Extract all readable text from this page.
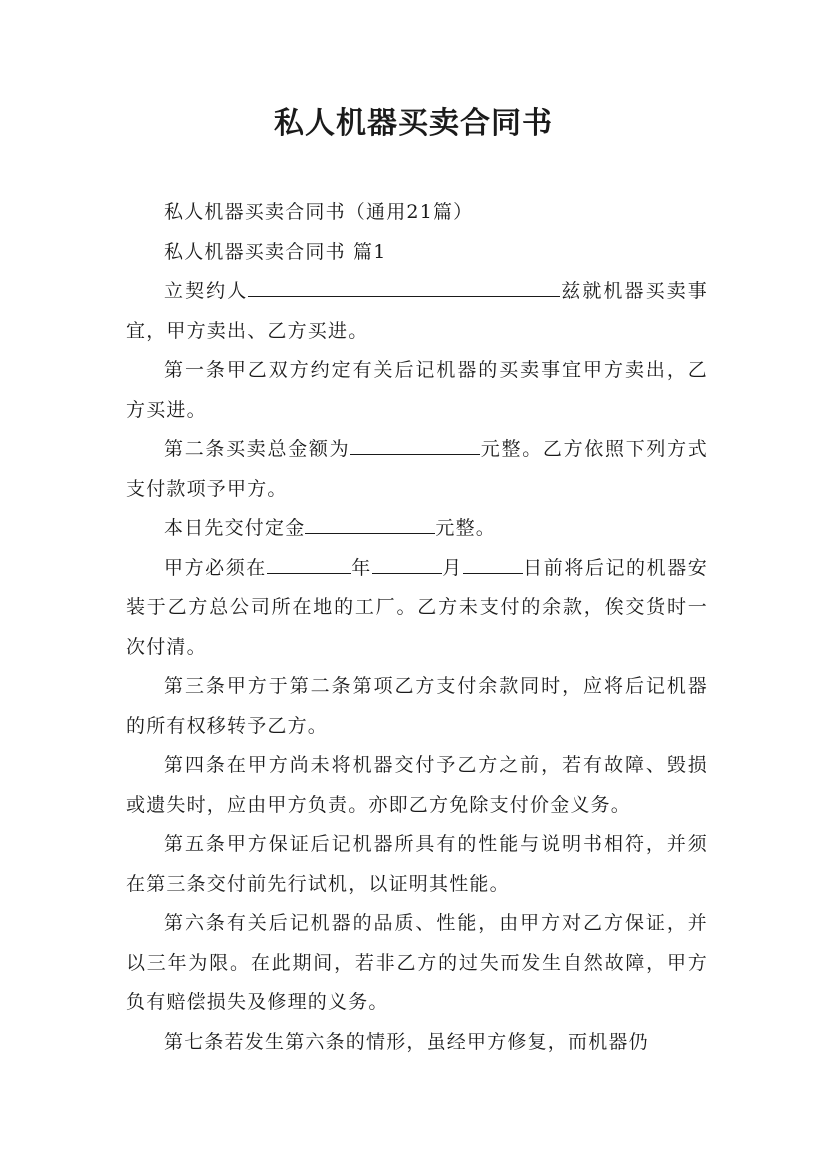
私人机器买卖合同书

私人机器买卖合同书（通用21篇）

私人机器买卖合同书 篇1

立契约人	兹就机器买卖事宜，甲方卖出、乙方买进。

第一条甲乙双方约定有关后记机器的买卖事宜甲方卖出，乙方买进。

第二条买卖总金额为	元整。乙方依照下列方式支付款项予甲方。

本日先交付定金	元整。

甲方必须在	年	月	日前将后记的机器安装于乙方总公司所在地的工厂。乙方未支付的余款，俟交货时一次付清。

第三条甲方于第二条第项乙方支付余款同时，应将后记机器的所有权移转予乙方。

第四条在甲方尚未将机器交付予乙方之前，若有故障、毁损或遗失时，应由甲方负责。亦即乙方免除支付价金义务。

第五条甲方保证后记机器所具有的性能与说明书相符，并须在第三条交付前先行试机，以证明其性能。

第六条有关后记机器的品质、性能，由甲方对乙方保证，并以三年为限。在此期间，若非乙方的过失而发生自然故障，甲方负有赔偿损失及修理的义务。

第七条若发生第六条的情形，虽经甲方修复，而机器仍
